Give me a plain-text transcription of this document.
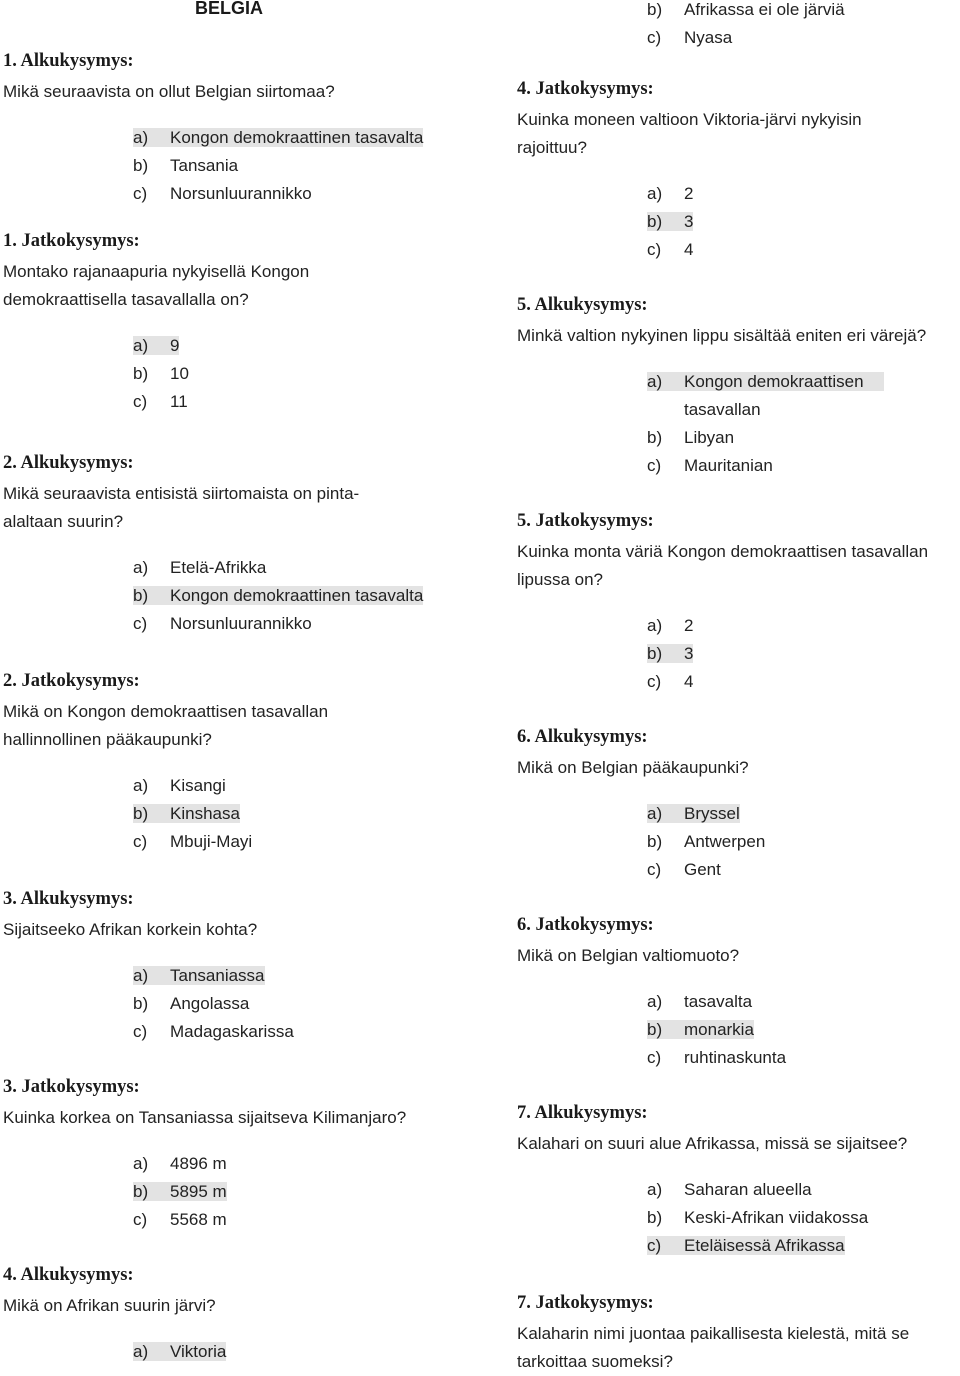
BELGIA
1. Alkukysymys:

Mikä seuraavista on ollut Belgian siirtomaa?

a) Kongon demokraattinen tasavalta
b) Tansania
c) Norsunluurannikko
1. Jatkokysymys:

Montako rajanaapuria nykyisellä Kongon demokraattisella tasavallalla on?

a) 9
b) 10
c) 11
2. Alkukysymys:

Mikä seuraavista entisistä siirtomaista on pinta-alaltaan suurin?

a) Etelä-Afrikka
b) Kongon demokraattinen tasavalta
c) Norsunluurannikko
2. Jatkokysymys:

Mikä on Kongon demokraattisen tasavallan hallinnollinen pääkaupunki?

a) Kisangi
b) Kinshasa
c) Mbuji-Mayi
3. Alkukysymys:

Sijaitseeko Afrikan korkein kohta?

a) Tansaniassa
b) Angolassa
c) Madagaskarissa
3. Jatkokysymys:

Kuinka korkea on Tansaniassa sijaitseva Kilimanjaro?

a) 4896 m
b) 5895 m
c) 5568 m
4. Alkukysymys:

Mikä on Afrikan suurin järvi?

a) Viktoria
b) Afrikassa ei ole järviä
c) Nyasa
4. Jatkokysymys:

Kuinka moneen valtioon Viktoria-järvi nykyisin rajoittuu?

a) 2
b) 3
c) 4
5. Alkukysymys:

Minkä valtion nykyinen lippu sisältää eniten eri värejä?

a) Kongon demokraattisen tasavallan
b) Libyan
c) Mauritanian
5. Jatkokysymys:

Kuinka monta väriä Kongon demokraattisen tasavallan lipussa on?

a) 2
b) 3
c) 4
6. Alkukysymys:

Mikä on Belgian pääkaupunki?

a) Bryssel
b) Antwerpen
c) Gent
6. Jatkokysymys:

Mikä on Belgian valtiomuoto?

a) tasavalta
b) monarkia
c) ruhtinaskunta
7. Alkukysymys:

Kalahari on suuri alue Afrikassa, missä se sijaitsee?

a) Saharan alueella
b) Keski-Afrikan viidakossa
c) Eteläisessä Afrikassa
7. Jatkokysymys:

Kalaharin nimi juontaa paikallisesta kielestä, mitä se tarkoittaa suomeksi?
